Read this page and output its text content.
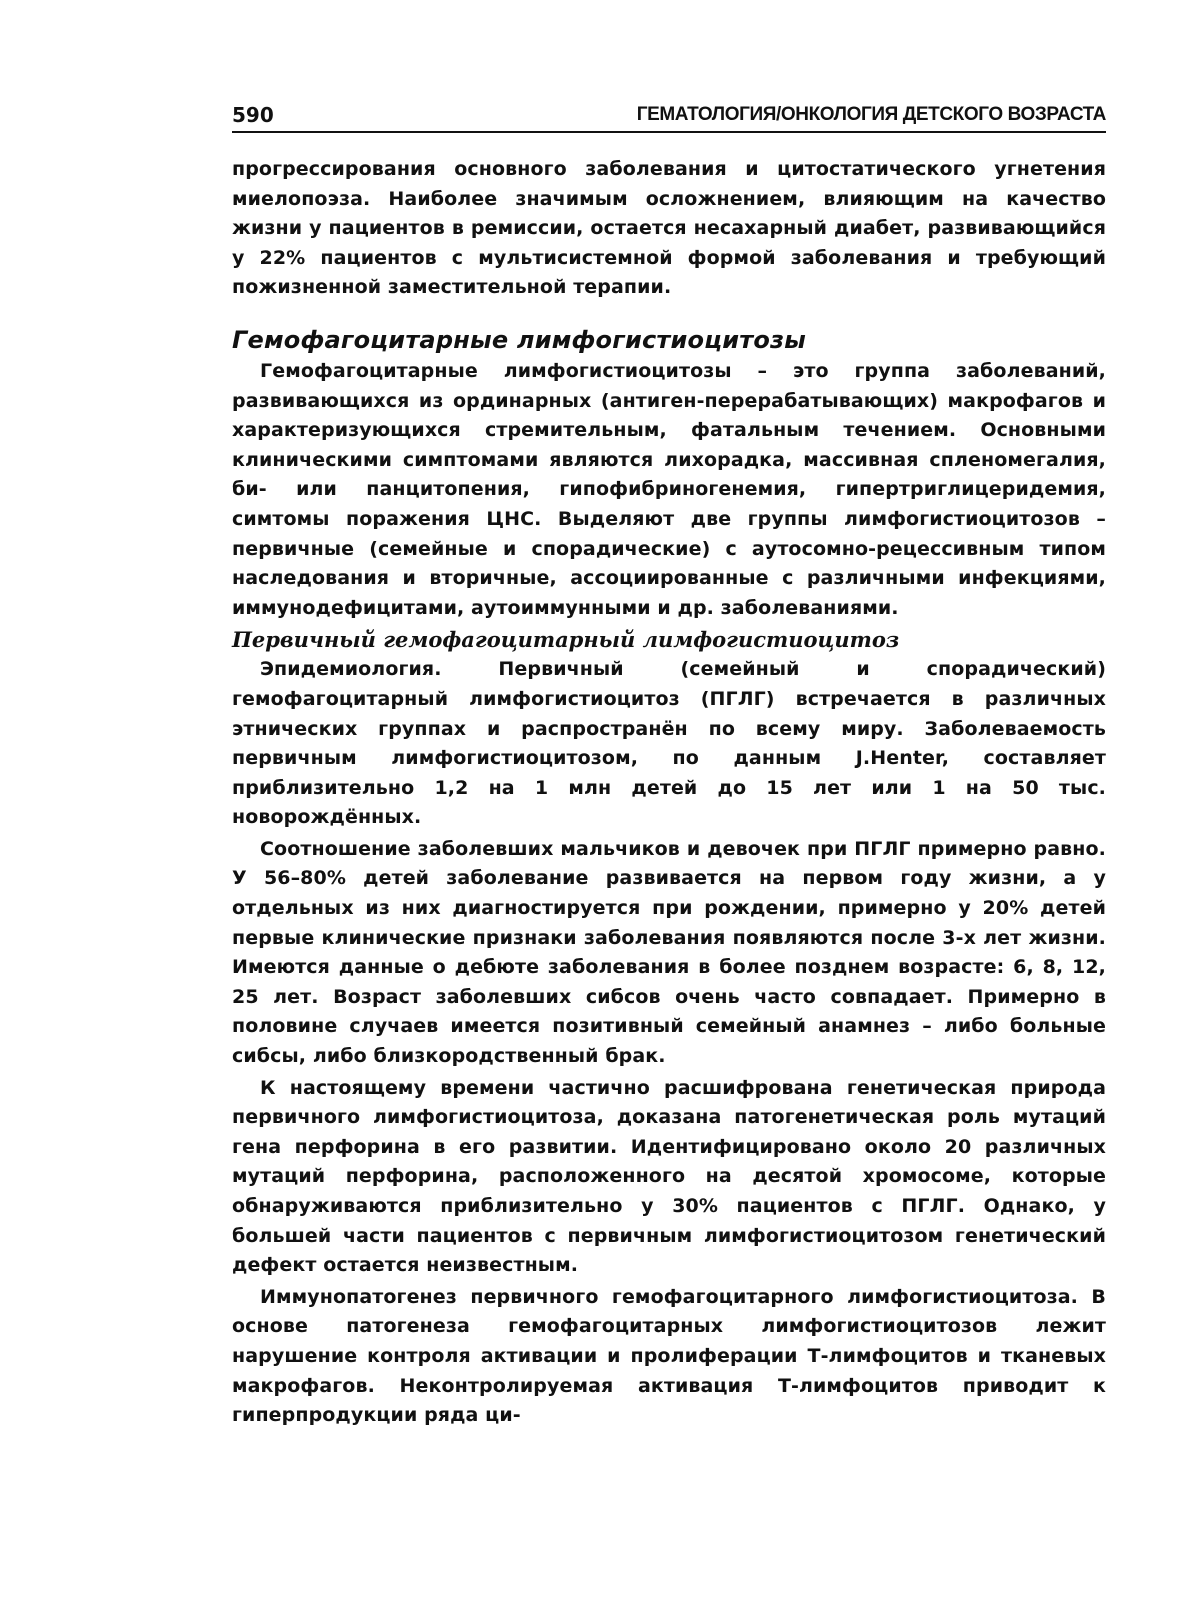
590	ГЕМАТОЛОГИЯ/ОНКОЛОГИЯ ДЕТСКОГО ВОЗРАСТА

прогрессирования основного заболевания и цитостатического угнетения миелопоэза. Наиболее значимым осложнением, влияющим на качество жизни у пациентов в ремиссии, остается несахарный диабет, развивающийся у 22% пациентов с мультисистемной формой заболевания и требующий пожизненной заместительной терапии.

Гемофагоцитарные лимфогистиоцитозы

Гемофагоцитарные лимфогистиоцитозы – это группа заболеваний, развивающихся из ординарных (антиген-перерабатывающих) макрофагов и характеризующихся стремительным, фатальным течением. Основными клиническими симптомами являются лихорадка, массивная спленомегалия, би- или панцитопения, гипофибриногенемия, гипертриглицеридемия, симтомы поражения ЦНС. Выделяют две группы лимфогистиоцитозов – первичные (семейные и спорадические) с аутосомно-рецессивным типом наследования и вторичные, ассоциированные с различными инфекциями, иммунодефицитами, аутоиммунными и др. заболеваниями.

Первичный гемофагоцитарный лимфогистиоцитоз

Эпидемиология. Первичный (семейный и спорадический) гемофагоцитарный лимфогистиоцитоз (ПГЛГ) встречается в различных этнических группах и распространён по всему миру. Заболеваемость первичным лимфогистиоцитозом, по данным J.Henter, составляет приблизительно 1,2 на 1 млн детей до 15 лет или 1 на 50 тыс. новорождённых.

Соотношение заболевших мальчиков и девочек при ПГЛГ примерно равно. У 56–80% детей заболевание развивается на первом году жизни, а у отдельных из них диагностируется при рождении, примерно у 20% детей первые клинические признаки заболевания появляются после 3-х лет жизни. Имеются данные о дебюте заболевания в более позднем возрасте: 6, 8, 12, 25 лет. Возраст заболевших сибсов очень часто совпадает. Примерно в половине случаев имеется позитивный семейный анамнез – либо больные сибсы, либо близкородственный брак.

К настоящему времени частично расшифрована генетическая природа первичного лимфогистиоцитоза, доказана патогенетическая роль мутаций гена перфорина в его развитии. Идентифицировано около 20 различных мутаций перфорина, расположенного на десятой хромосоме, которые обнаруживаются приблизительно у 30% пациентов с ПГЛГ. Однако, у большей части пациентов с первичным лимфогистиоцитозом генетический дефект остается неизвестным.

Иммунопатогенез первичного гемофагоцитарного лимфогистиоцитоза. В основе патогенеза гемофагоцитарных лимфогистиоцитозов лежит нарушение контроля активации и пролиферации Т-лимфоцитов и тканевых макрофагов. Неконтролируемая активация Т-лимфоцитов приводит к гиперпродукции ряда ци-
